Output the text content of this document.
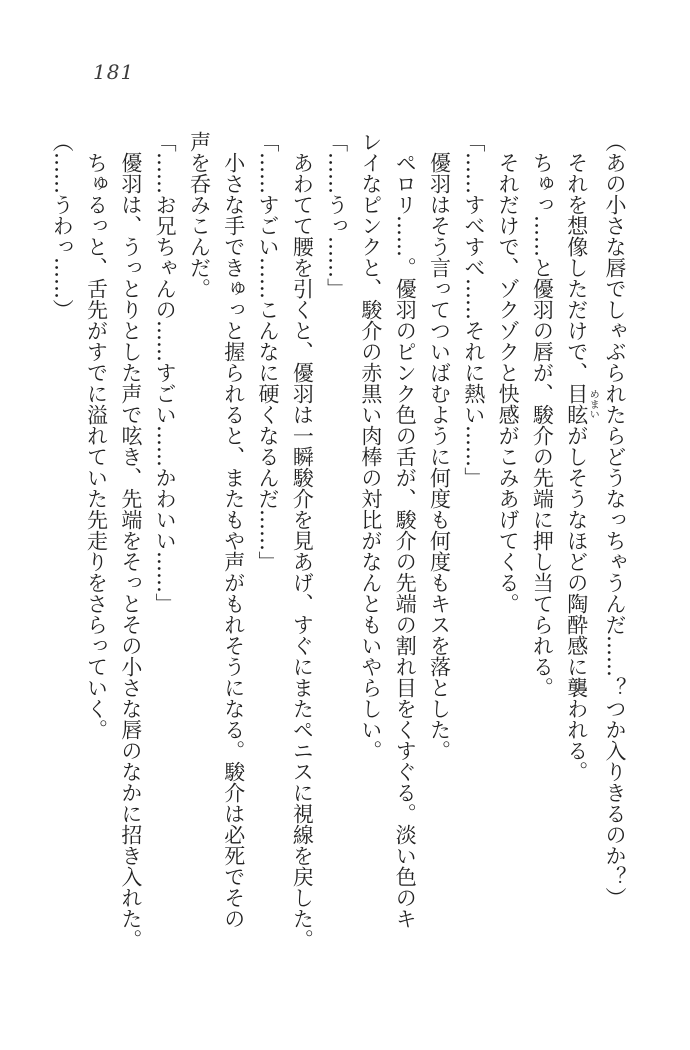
181
（あの小さな唇でしゃぶられたらどうなっちゃうんだ……？つか入りきるのか？）
それを想像しただけで、目眩めまいがしそうなほどの陶酔感に襲われる。
ちゅっ……と優羽の唇が、駿介の先端に押し当てられる。
それだけで、ゾクゾクと快感がこみあげてくる。
「……すべすべ……それに熱い……」
優羽はそう言ってついばむように何度も何度もキスを落とした。
ペロリ……。優羽のピンク色の舌が、駿介の先端の割れ目をくすぐる。淡い色のキ
レイなピンクと、駿介の赤黒い肉棒の対比がなんともいやらしい。
「……うっ……」
あわてて腰を引くと、優羽は一瞬駿介を見あげ、すぐにまたペニスに視線を戻した。
「……すごい……こんなに硬くなるんだ……」
小さな手できゅっと握られると、またもや声がもれそうになる。駿介は必死でその
声を呑みこんだ。
「……お兄ちゃんの……すごい……かわいい……」
優羽は、うっとりとした声で呟き、先端をそっとその小さな唇のなかに招き入れた。
ちゅるっと、舌先がすでに溢れていた先走りをさらっていく。
（……うわっ……）
